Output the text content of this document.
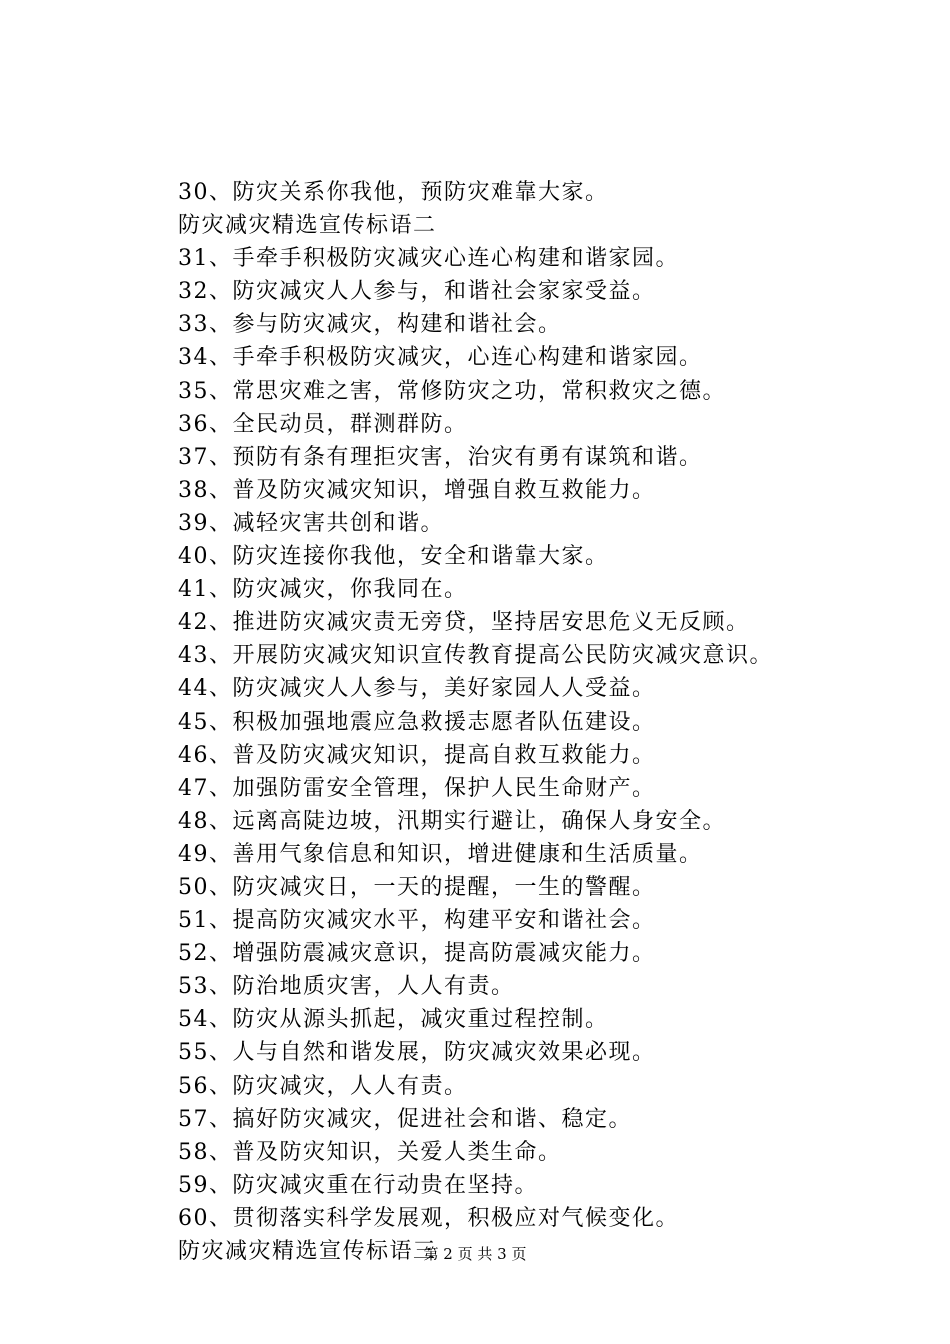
30、防灾关系你我他，预防灾难靠大家。
防灾减灾精选宣传标语二
31、手牵手积极防灾减灾心连心构建和谐家园。
32、防灾减灾人人参与，和谐社会家家受益。
33、参与防灾减灾，构建和谐社会。
34、手牵手积极防灾减灾，心连心构建和谐家园。
35、常思灾难之害，常修防灾之功，常积救灾之德。
36、全民动员，群测群防。
37、预防有条有理拒灾害，治灾有勇有谋筑和谐。
38、普及防灾减灾知识，增强自救互救能力。
39、减轻灾害共创和谐。
40、防灾连接你我他，安全和谐靠大家。
41、防灾减灾，你我同在。
42、推进防灾减灾责无旁贷，坚持居安思危义无反顾。
43、开展防灾减灾知识宣传教育提高公民防灾减灾意识。
44、防灾减灾人人参与，美好家园人人受益。
45、积极加强地震应急救援志愿者队伍建设。
46、普及防灾减灾知识，提高自救互救能力。
47、加强防雷安全管理，保护人民生命财产。
48、远离高陡边坡，汛期实行避让，确保人身安全。
49、善用气象信息和知识，增进健康和生活质量。
50、防灾减灾日，一天的提醒，一生的警醒。
51、提高防灾减灾水平，构建平安和谐社会。
52、增强防震减灾意识，提高防震减灾能力。
53、防治地质灾害，人人有责。
54、防灾从源头抓起，减灾重过程控制。
55、人与自然和谐发展，防灾减灾效果必现。
56、防灾减灾，人人有责。
57、搞好防灾减灾，促进社会和谐、稳定。
58、普及防灾知识，关爱人类生命。
59、防灾减灾重在行动贵在坚持。
60、贯彻落实科学发展观，积极应对气候变化。
防灾减灾精选宣传标语三
第 2 页 共 3 页
